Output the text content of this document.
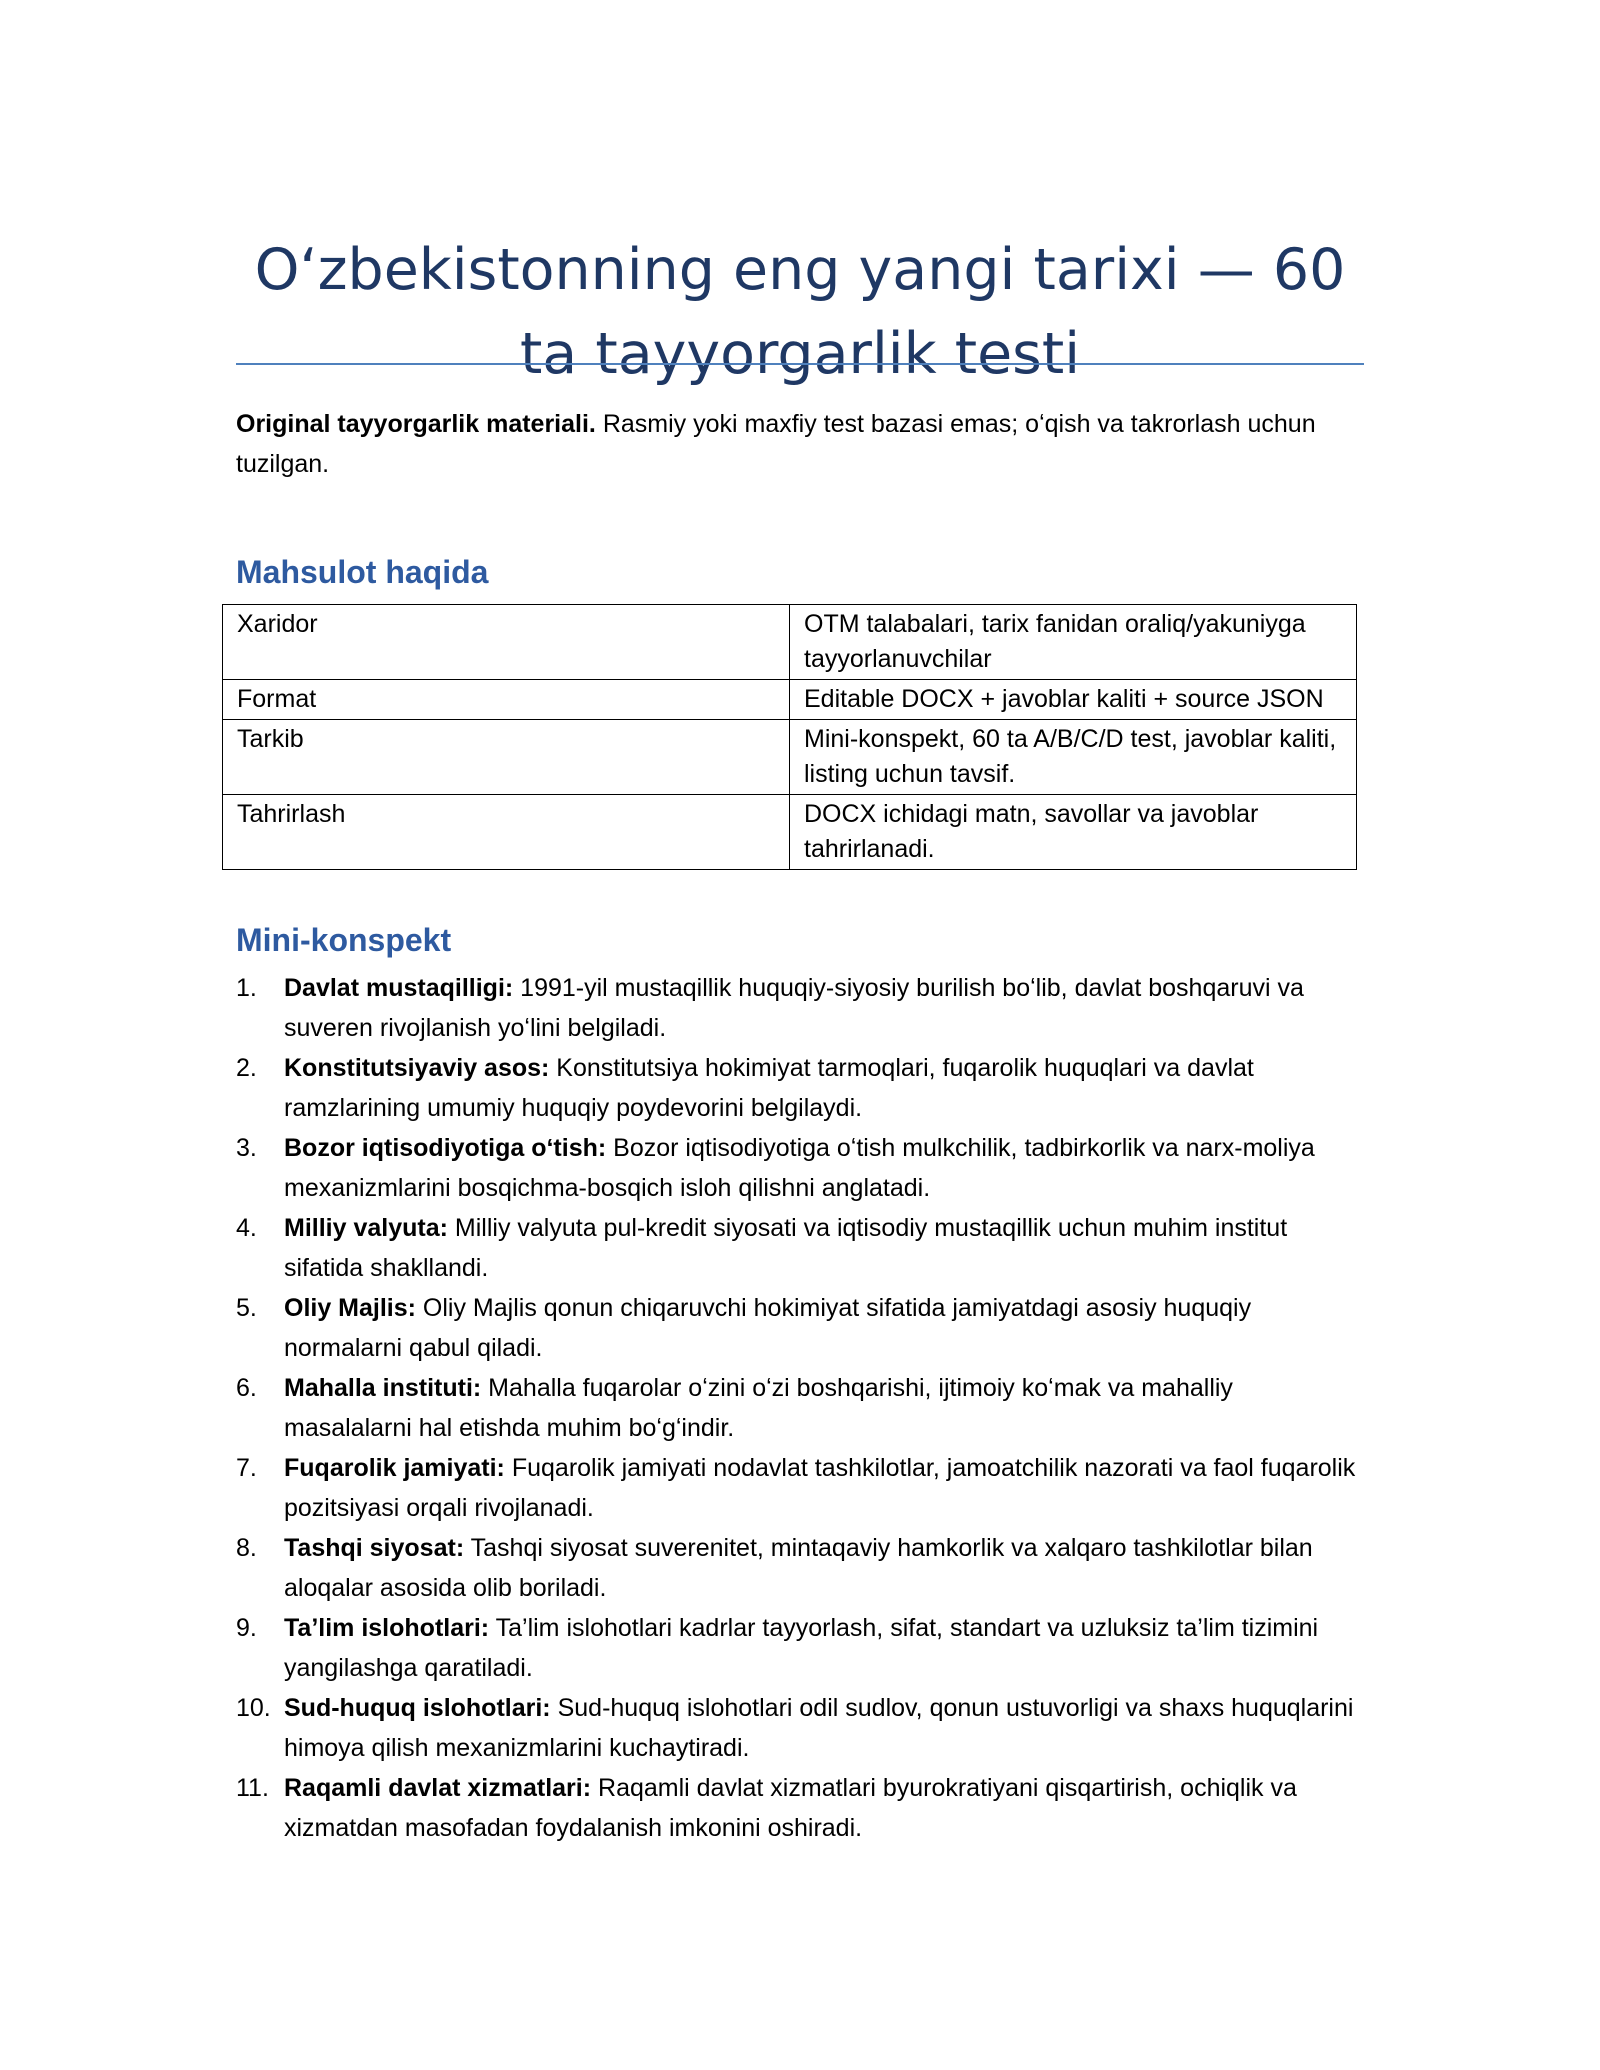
Oʻzbekistonning eng yangi tarixi — 60 ta tayyorgarlik testi

Original tayyorgarlik materiali. Rasmiy yoki maxfiy test bazasi emas; oʻqish va takrorlash uchun tuzilgan.

Mahsulot haqida
Xaridor	OTM talabalari, tarix fanidan oraliq/yakuniyga tayyorlanuvchilar
Format	Editable DOCX + javoblar kaliti + source JSON
Tarkib	Mini-konspekt, 60 ta A/B/C/D test, javoblar kaliti, listing uchun tavsif.
Tahrirlash	DOCX ichidagi matn, savollar va javoblar tahrirlanadi.
Mini-konspekt
1. Davlat mustaqilligi: 1991-yil mustaqillik huquqiy-siyosiy burilish boʻlib, davlat boshqaruvi va suveren rivojlanish yoʻlini belgiladi.
2. Konstitutsiyaviy asos: Konstitutsiya hokimiyat tarmoqlari, fuqarolik huquqlari va davlat ramzlarining umumiy huquqiy poydevorini belgilaydi.
3. Bozor iqtisodiyotiga oʻtish: Bozor iqtisodiyotiga oʻtish mulkchilik, tadbirkorlik va narx-moliya mexanizmlarini bosqichma-bosqich isloh qilishni anglatadi.
4. Milliy valyuta: Milliy valyuta pul-kredit siyosati va iqtisodiy mustaqillik uchun muhim institut sifatida shakllandi.
5. Oliy Majlis: Oliy Majlis qonun chiqaruvchi hokimiyat sifatida jamiyatdagi asosiy huquqiy normalarni qabul qiladi.
6. Mahalla instituti: Mahalla fuqarolar oʻzini oʻzi boshqarishi, ijtimoiy koʻmak va mahalliy masalalarni hal etishda muhim boʻgʻindir.
7. Fuqarolik jamiyati: Fuqarolik jamiyati nodavlat tashkilotlar, jamoatchilik nazorati va faol fuqarolik pozitsiyasi orqali rivojlanadi.
8. Tashqi siyosat: Tashqi siyosat suverenitet, mintaqaviy hamkorlik va xalqaro tashkilotlar bilan aloqalar asosida olib boriladi.
9. Ta’lim islohotlari: Ta’lim islohotlari kadrlar tayyorlash, sifat, standart va uzluksiz ta’lim tizimini yangilashga qaratiladi.
10. Sud-huquq islohotlari: Sud-huquq islohotlari odil sudlov, qonun ustuvorligi va shaxs huquqlarini himoya qilish mexanizmlarini kuchaytiradi.
11. Raqamli davlat xizmatlari: Raqamli davlat xizmatlari byurokratiyani qisqartirish, ochiqlik va xizmatdan masofadan foydalanish imkonini oshiradi.
